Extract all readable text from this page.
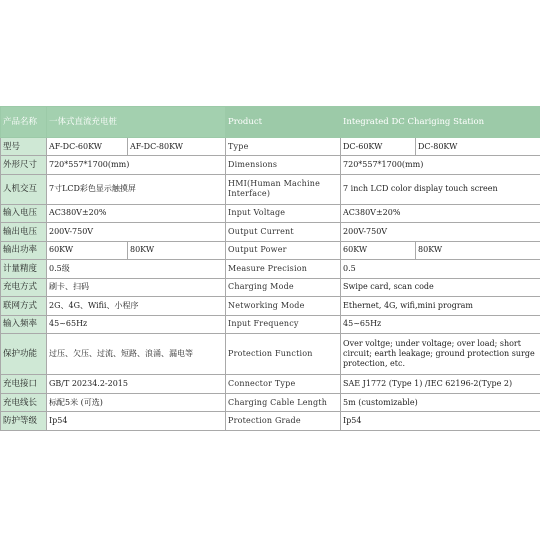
产品名称	一体式直流充电桩		Product	Integrated DC Chariging Station	
型号	AF-DC-60KW	AF-DC-80KW	Type	DC-60KW	DC-80KW
外形尺寸	720*557*1700(mm)		Dimensions	720*557*1700(mm)	
人机交互	7寸LCD彩色显示触摸屏		HMI(Human Machine Interface)	7 inch LCD color display touch screen	
输入电压	AC380V±20%		Input Voltage	AC380V±20%	
输出电压	200V-750V		Output Current	200V-750V	
输出功率	60KW	80KW	Output Power	60KW	80KW
计量精度	0.5级		Measure Precision	0.5	
充电方式	刷卡、扫码		Charging Mode	Swipe card, scan code	
联网方式	2G、4G、Wifii、小程序		Networking Mode	Ethernet, 4G, wifi,mini program	
输入频率	45~65Hz		Input Frequency	45~65Hz	
保护功能	过压、欠压、过流、短路、浪涌、漏电等		Protection Function	Over voltge; under voltage; over load; short circuit; earth leakage; ground protection surge protection, etc.	
充电接口	GB/T 20234.2-2015		Connector Type	SAE J1772 (Type 1) /IEC 62196-2(Type 2)	
充电线长	标配5米 (可选)		Charging Cable Length	5m (customizable)	
防护等级	Ip54		Protection Grade	Ip54	
